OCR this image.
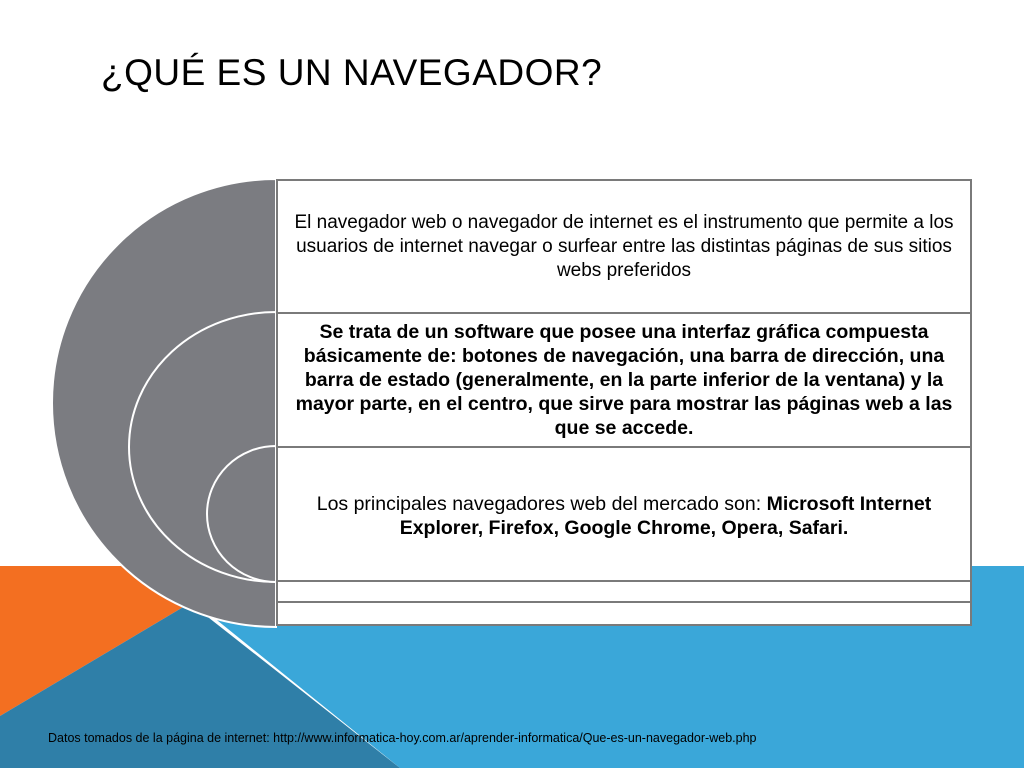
¿QUÉ ES UN NAVEGADOR?

El navegador web o navegador de internet es el instrumento que permite a los usuarios de internet navegar o surfear entre las distintas páginas de sus sitios webs preferidos

Se trata de un software que posee una interfaz gráfica compuesta básicamente de: botones de navegación, una barra de dirección, una barra de estado (generalmente, en la parte inferior de la ventana) y la mayor parte, en el centro, que sirve para mostrar las páginas web a las que se accede.

Los principales navegadores web del mercado son: Microsoft Internet Explorer, Firefox, Google Chrome, Opera, Safari.

Datos tomados de la página de internet: http://www.informatica-hoy.com.ar/aprender-informatica/Que-es-un-navegador-web.php
